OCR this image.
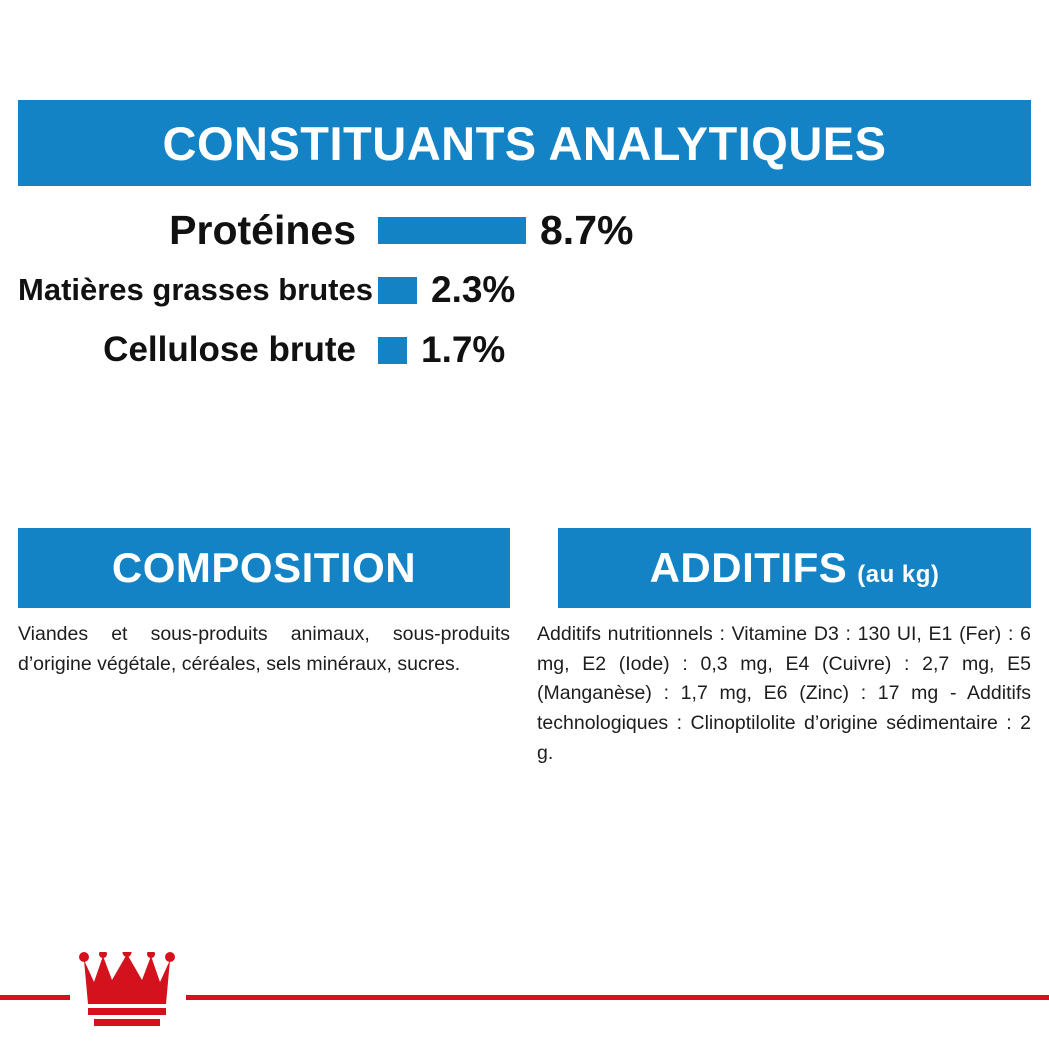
CONSTITUANTS ANALYTIQUES
Protéines	8.7%
Matières grasses brutes 2.3%
Cellulose brute	1.7%
COMPOSITION
Viandes et sous-produits animaux, sous-produits d’origine végétale, céréales, sels minéraux, sucres.
ADDITIFS (au kg)
Additifs nutritionnels : Vitamine D3 : 130 UI, E1 (Fer) : 6 mg, E2 (Iode) : 0,3 mg, E4 (Cuivre) : 2,7 mg, E5 (Manganèse) : 1,7 mg, E6 (Zinc) : 17 mg - Additifs technologiques : Clinoptilolite d’origine sédimentaire : 2 g.
